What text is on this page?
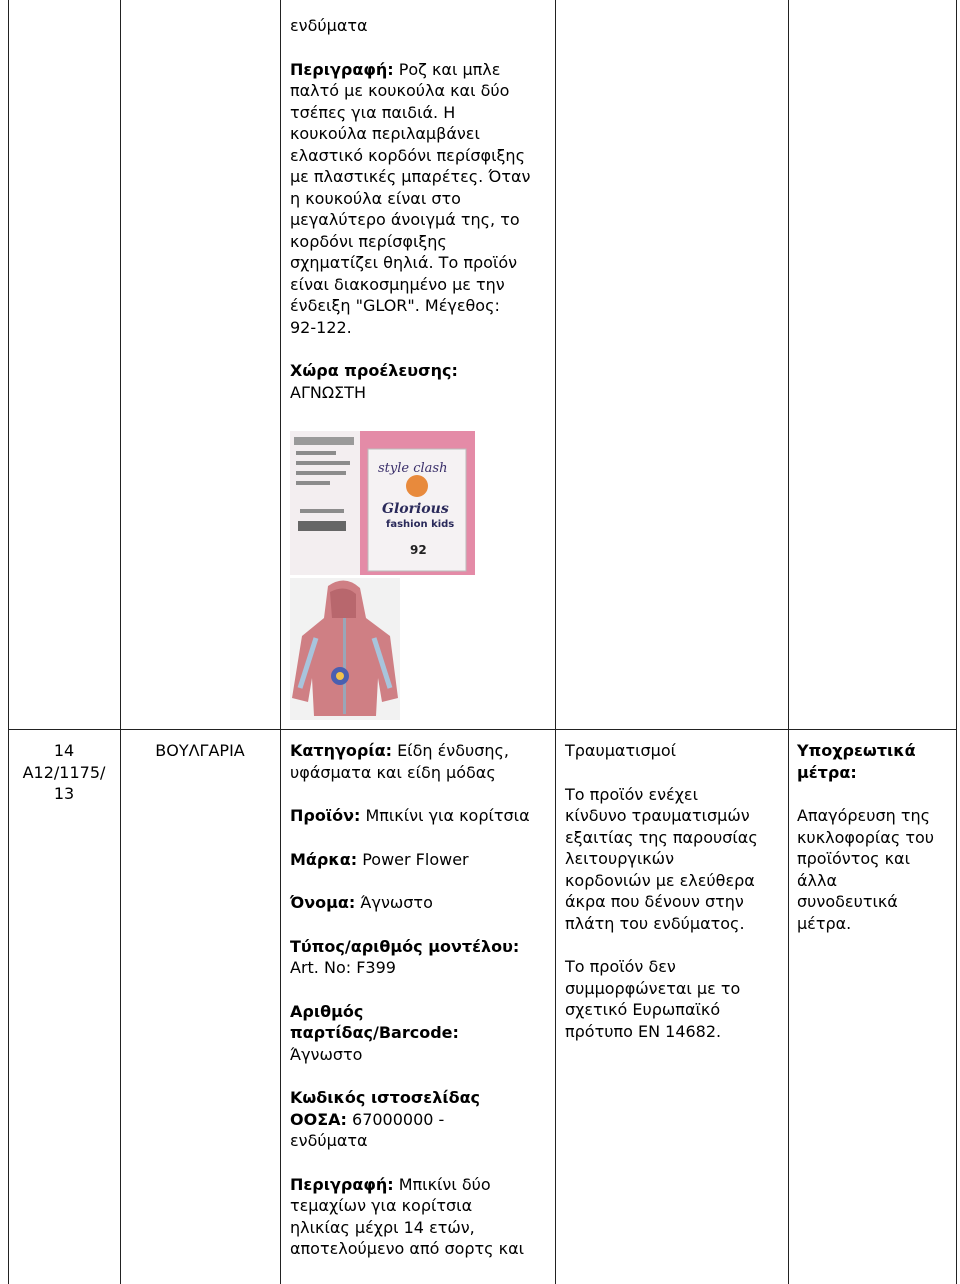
ενδύματα

Περιγραφή: Ροζ και μπλε
παλτό με κουκούλα και δύο
τσέπες για παιδιά. Η
κουκούλα περιλαμβάνει
ελαστικό κορδόνι περίσφιξης
με πλαστικές μπαρέτες. Όταν
η κουκούλα είναι στο
μεγαλύτερο άνοιγμά της, το
κορδόνι περίσφιξης
σχηματίζει θηλιά. Το προϊόν
είναι διακοσμημένο με την
ένδειξη "GLOR". Μέγεθος:
92-122.

Χώρα προέλευσης:

ΑΓΝΩΣΤΗ

style clash
Glorious
fashion kids
92

14

A12/1175/

13

ΒΟΥΛΓΑΡΙΑ	Κατηγορία: Είδη ένδυσης,
υφάσματα και είδη μόδας

Προϊόν: Μπικίνι για κορίτσια

Μάρκα: Power Flower

Όνομα: Άγνωστο

Τύπος/αριθμός μοντέλου:
Art. No: F399

Αριθμός
παρτίδας/Barcode:
Άγνωστο

Κωδικός ιστοσελίδας
ΟΟΣΑ: 67000000 -
ενδύματα

Περιγραφή: Μπικίνι δύο
τεμαχίων για κορίτσια
ηλικίας μέχρι 14 ετών,
αποτελούμενο από σορτς και

Τραυματισμοί

Το προϊόν ενέχει
κίνδυνο τραυματισμών
εξαιτίας της παρουσίας
λειτουργικών
κορδονιών με ελεύθερα
άκρα που δένουν στην
πλάτη του ενδύματος.

Το προϊόν δεν
συμμορφώνεται με το
σχετικό Ευρωπαϊκό
πρότυπο EN 14682.

Υποχρεωτικά
μέτρα:

Απαγόρευση της
κυκλοφορίας του
προϊόντος και
άλλα
συνοδευτικά
μέτρα.
